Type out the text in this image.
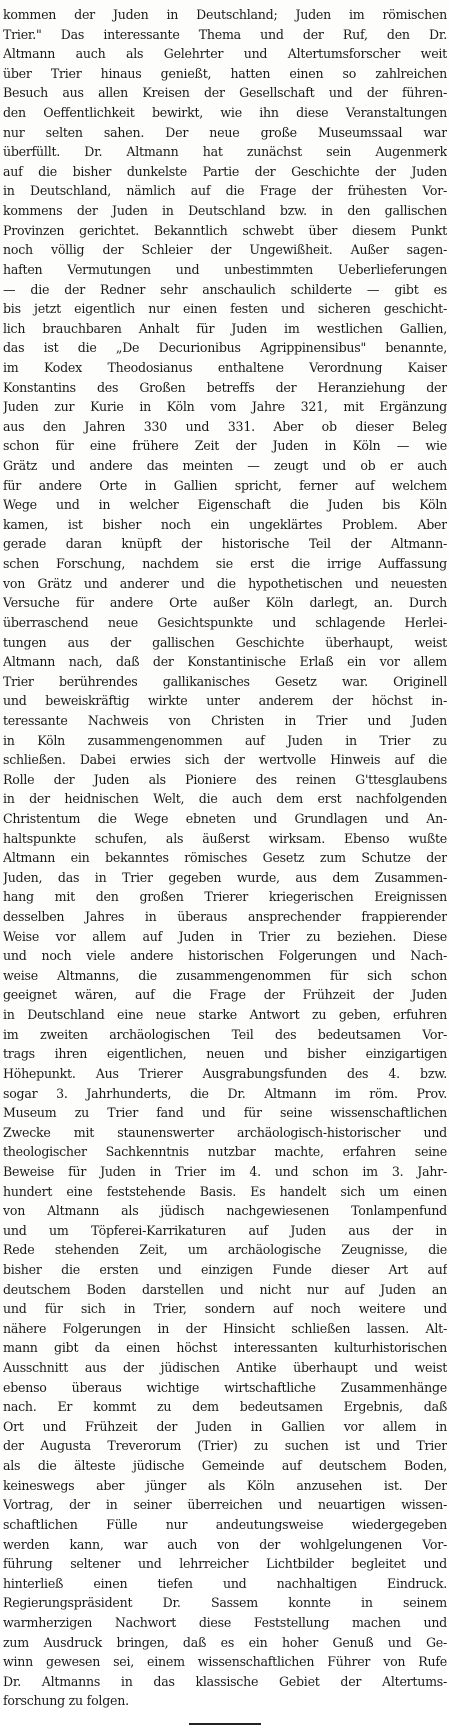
kommen der Juden in Deutschland; Juden im römischen
Trier." Das interessante Thema und der Ruf, den Dr.
Altmann auch als Gelehrter und Altertumsforscher weit
über Trier hinaus genießt, hatten einen so zahlreichen
Besuch aus allen Kreisen der Gesellschaft und der führen-
den Oeffentlichkeit bewirkt, wie ihn diese Veranstaltungen
nur selten sahen. Der neue große Museumssaal war
überfüllt. Dr. Altmann hat zunächst sein Augenmerk
auf die bisher dunkelste Partie der Geschichte der Juden
in Deutschland, nämlich auf die Frage der frühesten Vor-
kommens der Juden in Deutschland bzw. in den gallischen
Provinzen gerichtet. Bekanntlich schwebt über diesem Punkt
noch völlig der Schleier der Ungewißheit. Außer sagen-
haften Vermutungen und unbestimmten Ueberlieferungen
— die der Redner sehr anschaulich schilderte — gibt es
bis jetzt eigentlich nur einen festen und sicheren geschicht-
lich brauchbaren Anhalt für Juden im westlichen Gallien,
das ist die „De Decurionibus Agrippinensibus" benannte,
im Kodex Theodosianus enthaltene Verordnung Kaiser
Konstantins des Großen betreffs der Heranziehung der
Juden zur Kurie in Köln vom Jahre 321, mit Ergänzung
aus den Jahren 330 und 331. Aber ob dieser Beleg
schon für eine frühere Zeit der Juden in Köln — wie
Grätz und andere das meinten — zeugt und ob er auch
für andere Orte in Gallien spricht, ferner auf welchem
Wege und in welcher Eigenschaft die Juden bis Köln
kamen, ist bisher noch ein ungeklärtes Problem. Aber
gerade daran knüpft der historische Teil der Altmann-
schen Forschung, nachdem sie erst die irrige Auffassung
von Grätz und anderer und die hypothetischen und neuesten
Versuche für andere Orte außer Köln darlegt, an. Durch
überraschend neue Gesichtspunkte und schlagende Herlei-
tungen aus der gallischen Geschichte überhaupt, weist
Altmann nach, daß der Konstantinische Erlaß ein vor allem
Trier berührendes gallikanisches Gesetz war. Originell
und beweiskräftig wirkte unter anderem der höchst in-
teressante Nachweis von Christen in Trier und Juden
in Köln zusammengenommen auf Juden in Trier zu
schließen. Dabei erwies sich der wertvolle Hinweis auf die
Rolle der Juden als Pioniere des reinen G'ttesglaubens
in der heidnischen Welt, die auch dem erst nachfolgenden
Christentum die Wege ebneten und Grundlagen und An-
haltspunkte schufen, als äußerst wirksam. Ebenso wußte
Altmann ein bekanntes römisches Gesetz zum Schutze der
Juden, das in Trier gegeben wurde, aus dem Zusammen-
hang mit den großen Trierer kriegerischen Ereignissen
desselben Jahres in überaus ansprechender frappierender
Weise vor allem auf Juden in Trier zu beziehen. Diese
und noch viele andere historischen Folgerungen und Nach-
weise Altmanns, die zusammengenommen für sich schon
geeignet wären, auf die Frage der Frühzeit der Juden
in Deutschland eine neue starke Antwort zu geben, erfuhren
im zweiten archäologischen Teil des bedeutsamen Vor-
trags ihren eigentlichen, neuen und bisher einzigartigen
Höhepunkt. Aus Trierer Ausgrabungsfunden des 4. bzw.
sogar 3. Jahrhunderts, die Dr. Altmann im röm. Prov.
Museum zu Trier fand und für seine wissenschaftlichen
Zwecke mit staunenswerter archäologisch-historischer und
theologischer Sachkenntnis nutzbar machte, erfahren seine
Beweise für Juden in Trier im 4. und schon im 3. Jahr-
hundert eine feststehende Basis. Es handelt sich um einen
von Altmann als jüdisch nachgewiesenen Tonlampenfund
und um Töpferei-Karrikaturen auf Juden aus der in
Rede stehenden Zeit, um archäologische Zeugnisse, die
bisher die ersten und einzigen Funde dieser Art auf
deutschem Boden darstellen und nicht nur auf Juden an
und für sich in Trier, sondern auf noch weitere und
nähere Folgerungen in der Hinsicht schließen lassen. Alt-
mann gibt da einen höchst interessanten kulturhistorischen
Ausschnitt aus der jüdischen Antike überhaupt und weist
ebenso überaus wichtige wirtschaftliche Zusammenhänge
nach. Er kommt zu dem bedeutsamen Ergebnis, daß
Ort und Frühzeit der Juden in Gallien vor allem in
der Augusta Treverorum (Trier) zu suchen ist und Trier
als die älteste jüdische Gemeinde auf deutschem Boden,
keineswegs aber jünger als Köln anzusehen ist. Der
Vortrag, der in seiner überreichen und neuartigen wissen-
schaftlichen Fülle nur andeutungsweise wiedergegeben
werden kann, war auch von der wohlgelungenen Vor-
führung seltener und lehrreicher Lichtbilder begleitet und
hinterließ einen tiefen und nachhaltigen Eindruck.
Regierungspräsident Dr. Sassem konnte in seinem
warmherzigen Nachwort diese Feststellung machen und
zum Ausdruck bringen, daß es ein hoher Genuß und Ge-
winn gewesen sei, einem wissenschaftlichen Führer von Rufe
Dr. Altmanns in das klassische Gebiet der Altertums-
forschung zu folgen.
